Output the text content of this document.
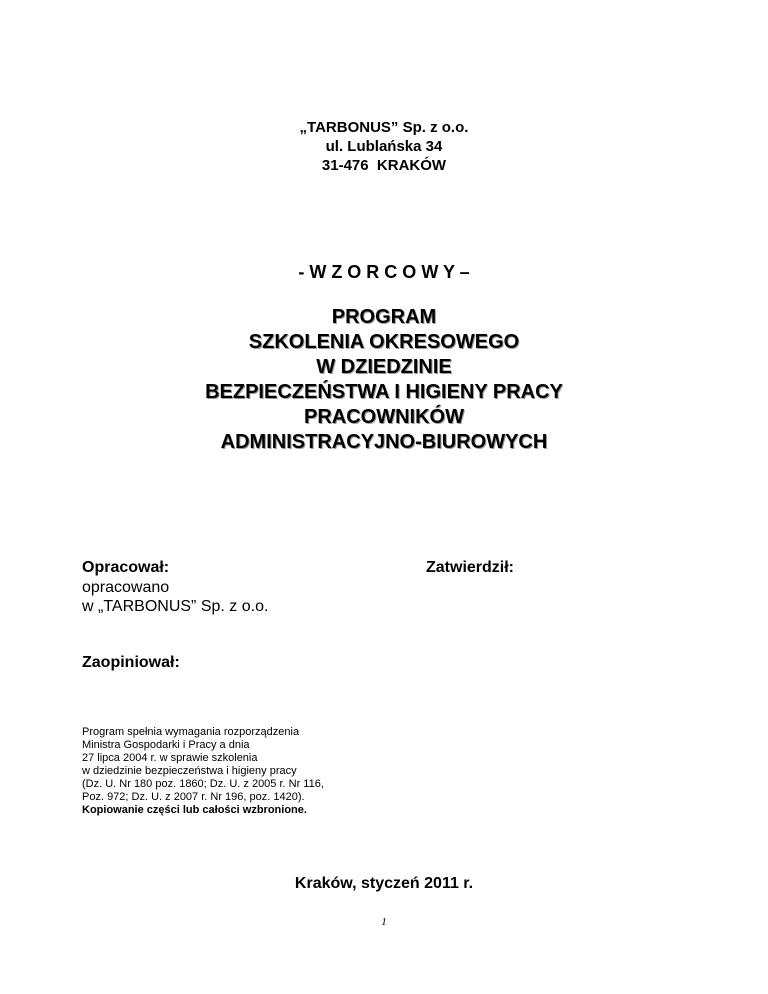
„TARBONUS” Sp. z o.o.
ul. Lublańska 34
31-476  KRAKÓW
- W Z O R C O W Y –
PROGRAM
SZKOLENIA OKRESOWEGO
W DZIEDZINIE
BEZPIECZEŃSTWA I HIGIENY PRACY
PRACOWNIKÓW
ADMINISTRACYJNO-BIUROWYCH
Opracował:
opracowano
w „TARBONUS” Sp. z o.o.
Zatwierdził:
Zaopiniował:
Program spełnia wymagania rozporządzenia
Ministra Gospodarki i Pracy a dnia
27 lipca 2004 r. w sprawie szkolenia
w dziedzinie bezpieczeństwa i higieny pracy
(Dz. U. Nr 180 poz. 1860; Dz. U. z 2005 r. Nr 116,
Poz. 972; Dz. U. z 2007 r. Nr 196, poz. 1420).
Kopiowanie części lub całości wzbronione.
Kraków, styczeń 2011 r.
1
